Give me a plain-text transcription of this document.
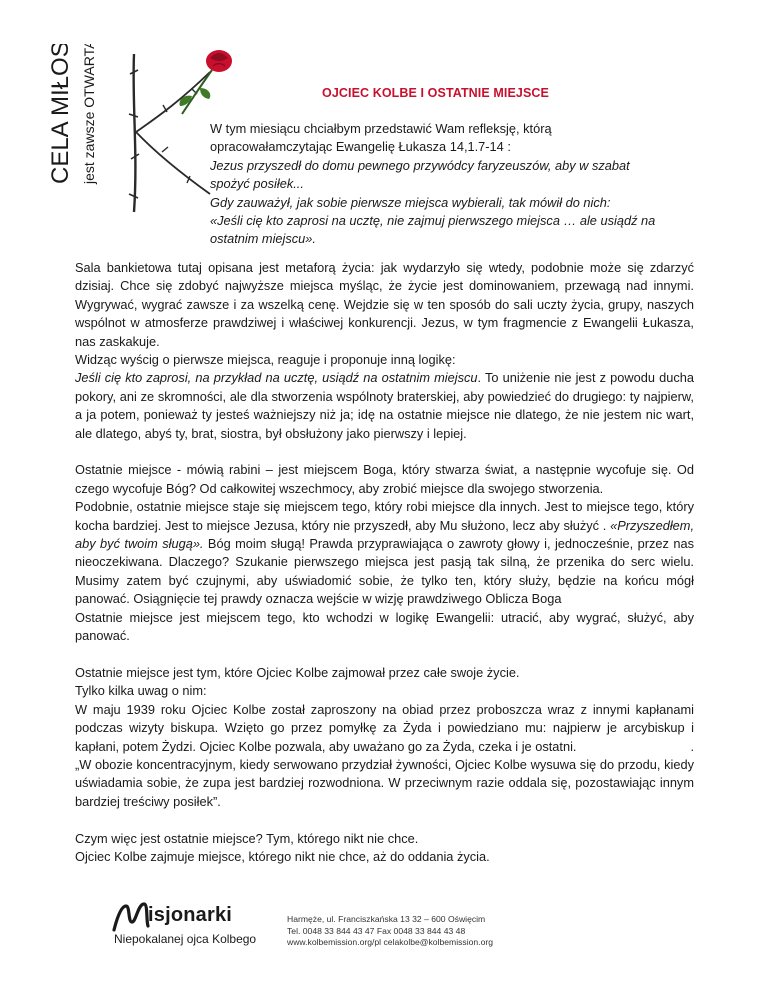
CELA MIŁOSCI jest zawsze OTWARTA	OJCIEC KOLBE I OSTATNIE MIEJSCE

W tym miesiącu chciałbym przedstawić Wam refleksję, którą

opracowałamczytając Ewangelię Łukasza 14,1.7-14 :

Jezus przyszedł do domu pewnego przywódcy faryzeuszów, aby w szabat

spożyć posiłek...

Gdy zauważył, jak sobie pierwsze miejsca wybierali, tak mówił do nich:

«Jeśli cię kto zaprosi na ucztę, nie zajmuj pierwszego miejsca … ale usiądź na

ostatnim miejscu».

Sala bankietowa tutaj opisana jest metaforą życia: jak wydarzyło się wtedy, podobnie może się zdarzyć dzisiaj. Chce się zdobyć najwyższe miejsca myśląc, że życie jest dominowaniem, przewagą nad innymi. Wygrywać, wygrać zawsze i za wszelką cenę. Wejdzie się w ten sposób do sali uczty życia, grupy, naszych wspólnot w atmosferze prawdziwej i właściwej konkurencji. Jezus, w tym fragmencie z Ewangelii Łukasza, nas zaskakuje.

Widząc wyścig o pierwsze miejsca, reaguje i proponuje inną logikę:

Jeśli cię kto zaprosi, na przykład na ucztę, usiądź na ostatnim miejscu. To uniżenie nie jest z powodu ducha pokory, ani ze skromności, ale dla stworzenia wspólnoty braterskiej, aby powiedzieć do drugiego: ty najpierw, a ja potem, ponieważ ty jesteś ważniejszy niż ja; idę na ostatnie miejsce nie dlatego, że nie jestem nic wart, ale dlatego, abyś ty, brat, siostra, był obsłużony jako pierwszy i lepiej.

Ostatnie miejsce - mówią rabini – jest miejscem Boga, który stwarza świat, a następnie wycofuje się. Od czego wycofuje Bóg? Od całkowitej wszechmocy, aby zrobić miejsce dla swojego stworzenia.

Podobnie, ostatnie miejsce staje się miejscem tego, który robi miejsce dla innych. Jest to miejsce tego, który kocha bardziej. Jest to miejsce Jezusa, który nie przyszedł, aby Mu służono, lecz aby służyć . «Przyszedłem, aby być twoim sługą». Bóg moim sługą! Prawda przyprawiająca o zawroty głowy i, jednocześnie, przez nas nieoczekiwana. Dlaczego? Szukanie pierwszego miejsca jest pasją tak silną, że przenika do serc wielu. Musimy zatem być czujnymi, aby uświadomić sobie, że tylko ten, który służy, będzie na końcu mógł panować. Osiągnięcie tej prawdy oznacza wejście w wizję prawdziwego Oblicza Boga

Ostatnie miejsce jest miejscem tego, kto wchodzi w logikę Ewangelii: utracić, aby wygrać, służyć, aby panować.

Ostatnie miejsce jest tym, które Ojciec Kolbe zajmował przez całe swoje życie.

Tylko kilka uwag o nim:

W maju 1939 roku Ojciec Kolbe został zaproszony na obiad przez proboszcza wraz z innymi kapłanami podczas wizyty biskupa. Wzięto go przez pomyłkę za Żyda i powiedziano mu: najpierw je arcybiskup i kapłani, potem Żydzi. Ojciec Kolbe pozwala, aby uważano go za Żyda, czeka i je ostatni.	.

„W obozie koncentracyjnym, kiedy serwowano przydział żywności, Ojciec Kolbe wysuwa się do przodu, kiedy uświadamia sobie, że zupa jest bardziej rozwodniona. W przeciwnym razie oddala się, pozostawiając innym bardziej treściwy posiłek”.

Czym więc jest ostatnie miejsce? Tym, którego nikt nie chce.

Ojciec Kolbe zajmuje miejsce, którego nikt nie chce, aż do oddania życia.

isjonarki
Niepokalanej ojca Kolbego

Harmęże, ul. Franciszkańska 13 32 – 600 Oświęcim

Tel. 0048 33 844 43 47 Fax 0048 33 844 43 48

www.kolbemission.org/pl celakolbe@kolbemission.org
